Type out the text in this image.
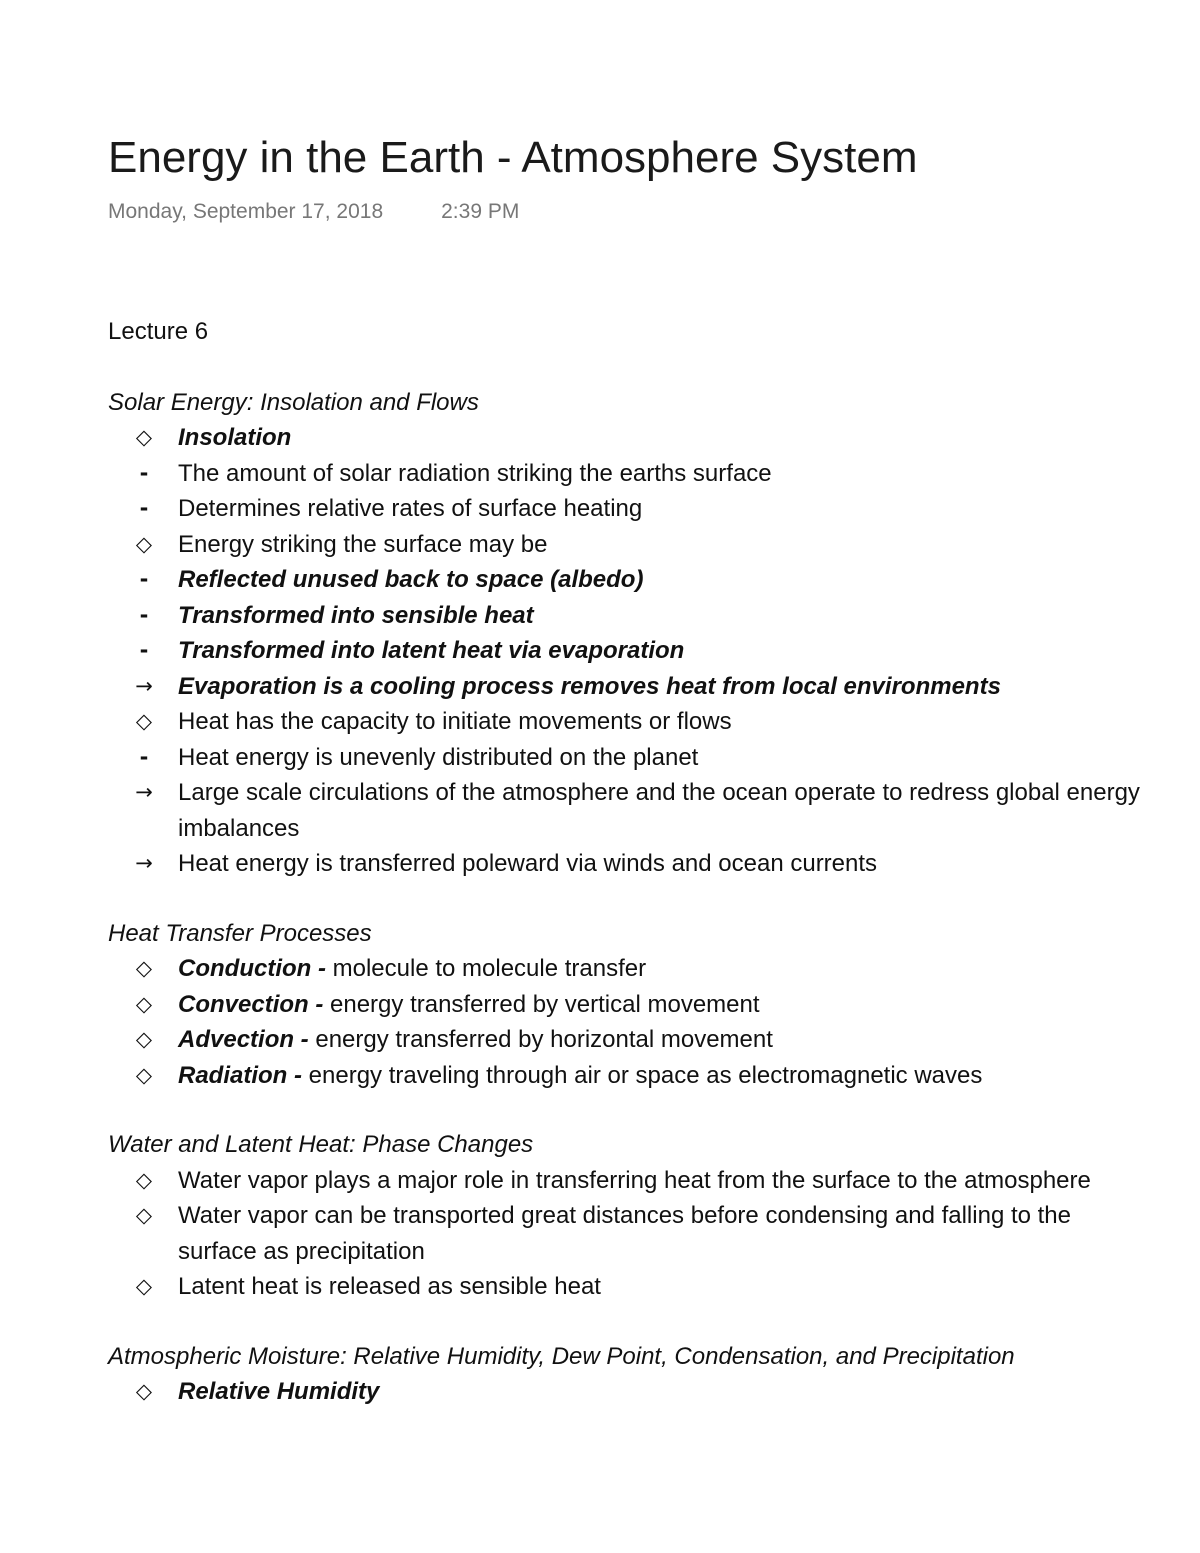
Energy in the Earth - Atmosphere System
Monday, September 17, 2018	2:39 PM

Lecture 6

Solar Energy: Insolation and Flows

◇	Insolation
-	The amount of solar radiation striking the earths surface
-	Determines relative rates of surface heating
◇	Energy striking the surface may be
-	Reflected unused back to space (albedo)
-	Transformed into sensible heat
-	Transformed into latent heat via evaporation
→	Evaporation is a cooling process removes heat from local environments
◇	Heat has the capacity to initiate movements or flows
-	Heat energy is unevenly distributed on the planet
→	Large scale circulations of the atmosphere and the ocean operate to redress global energy imbalances
→	Heat energy is transferred poleward via winds and ocean currents

Heat Transfer Processes

◇	Conduction - molecule to molecule transfer
◇	Convection - energy transferred by vertical movement
◇	Advection - energy transferred by horizontal movement
◇	Radiation - energy traveling through air or space as electromagnetic waves

Water and Latent Heat: Phase Changes

◇	Water vapor plays a major role in transferring heat from the surface to the atmosphere
◇	Water vapor can be transported great distances before condensing and falling to the surface as precipitation
◇	Latent heat is released as sensible heat

Atmospheric Moisture: Relative Humidity, Dew Point, Condensation, and Precipitation

◇	Relative Humidity
